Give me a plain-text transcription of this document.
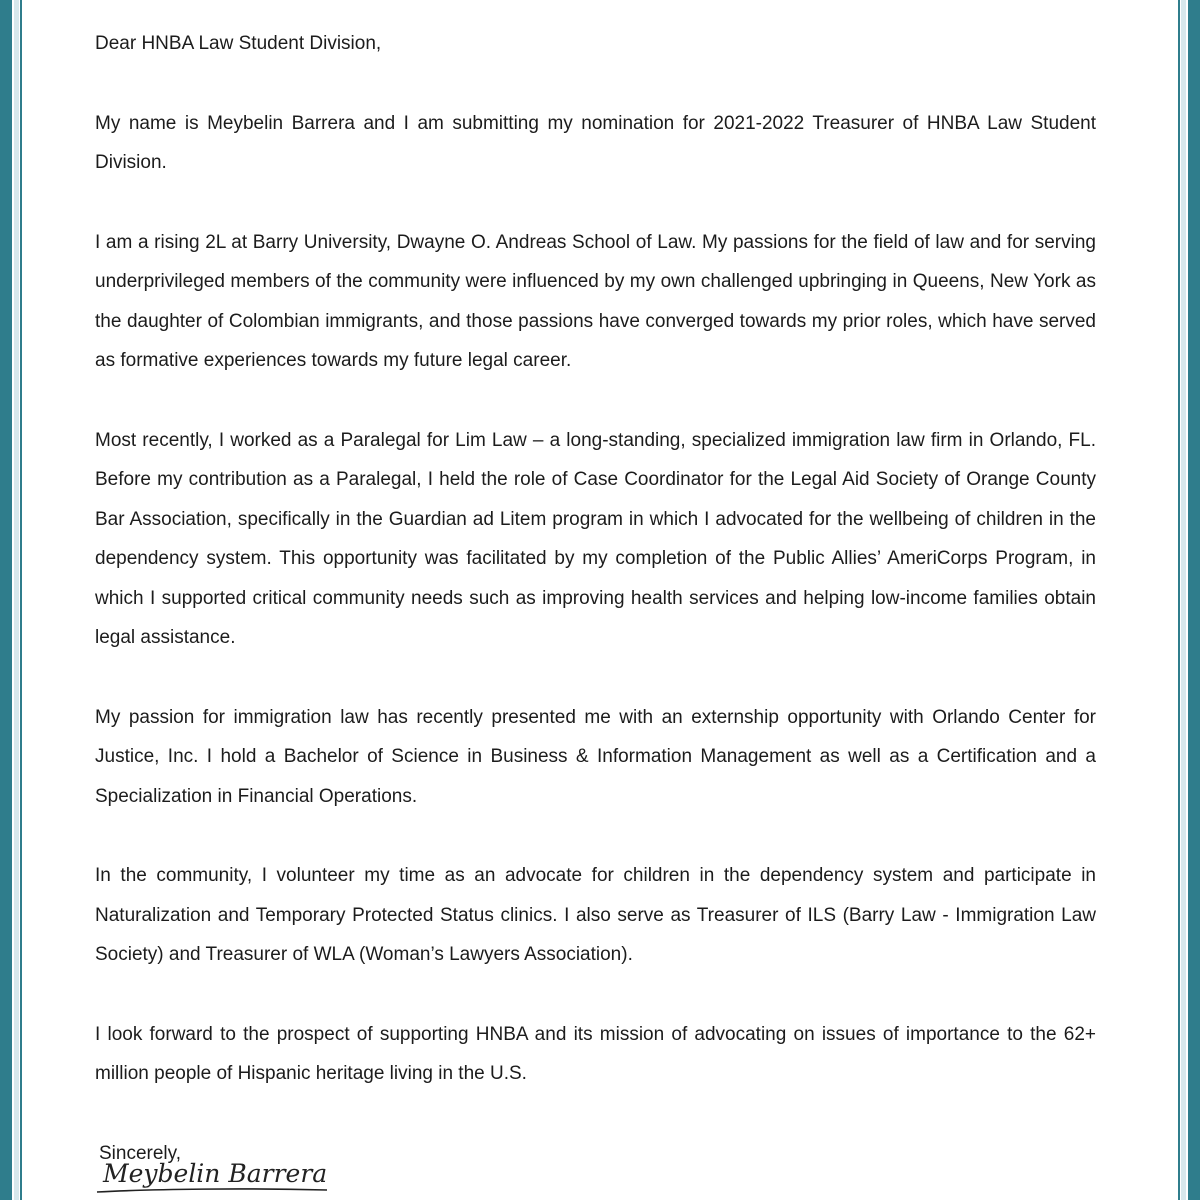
Dear HNBA Law Student Division,

My name is Meybelin Barrera and I am submitting my nomination for 2021-2022 Treasurer of HNBA Law Student Division.

I am a rising 2L at Barry University, Dwayne O. Andreas School of Law. My passions for the field of law and for serving underprivileged members of the community were influenced by my own challenged upbringing in Queens, New York as the daughter of Colombian immigrants, and those passions have converged towards my prior roles, which have served as formative experiences towards my future legal career.

Most recently, I worked as a Paralegal for Lim Law – a long-standing, specialized immigration law firm in Orlando, FL. Before my contribution as a Paralegal, I held the role of Case Coordinator for the Legal Aid Society of Orange County Bar Association, specifically in the Guardian ad Litem program in which I advocated for the wellbeing of children in the dependency system. This opportunity was facilitated by my completion of the Public Allies’ AmeriCorps Program, in which I supported critical community needs such as improving health services and helping low-income families obtain legal assistance.

My passion for immigration law has recently presented me with an externship opportunity with Orlando Center for Justice, Inc. I hold a Bachelor of Science in Business & Information Management as well as a Certification and a Specialization in Financial Operations.

In the community, I volunteer my time as an advocate for children in the dependency system and participate in Naturalization and Temporary Protected Status clinics. I also serve as Treasurer of ILS (Barry Law - Immigration Law Society) and Treasurer of WLA (Woman’s Lawyers Association).

I look forward to the prospect of supporting HNBA and its mission of advocating on issues of importance to the 62+ million people of Hispanic heritage living in the U.S.

Sincerely,

Meybelin Barrera
